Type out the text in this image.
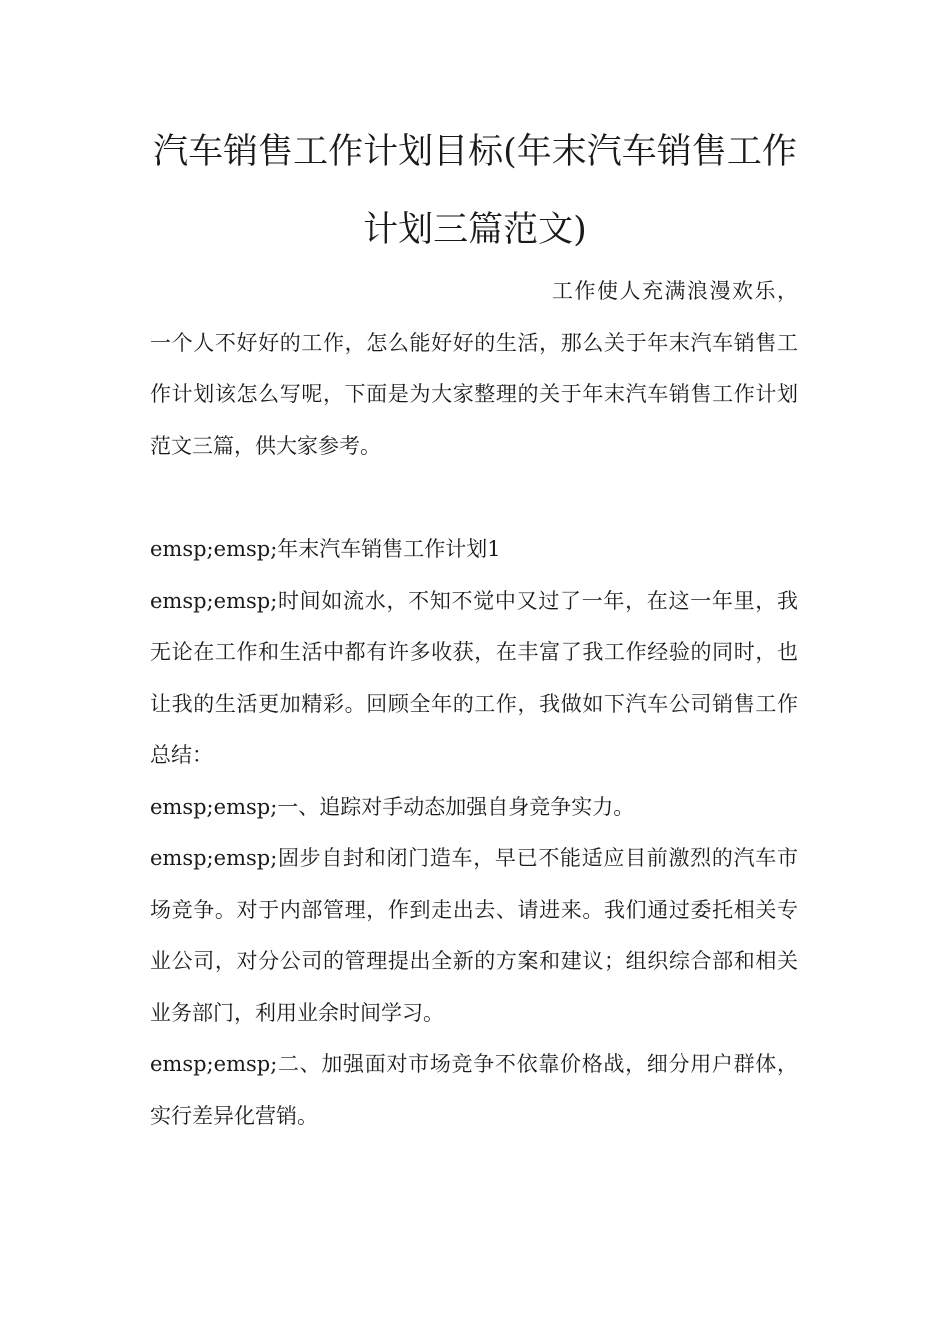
汽车销售工作计划目标(年末汽车销售工作计划三篇范文)

工作使人充满浪漫欢乐，一个人不好好的工作，怎么能好好的生活，那么关于年末汽车销售工作计划该怎么写呢，下面是为大家整理的关于年末汽车销售工作计划范文三篇，供大家参考。

emsp;emsp;年末汽车销售工作计划1

emsp;emsp;时间如流水，不知不觉中又过了一年，在这一年里，我无论在工作和生活中都有许多收获，在丰富了我工作经验的同时，也让我的生活更加精彩。回顾全年的工作，我做如下汽车公司销售工作总结：

emsp;emsp;一、追踪对手动态加强自身竞争实力。

emsp;emsp;固步自封和闭门造车，早已不能适应目前激烈的汽车市场竞争。对于内部管理，作到走出去、请进来。我们通过委托相关专业公司，对分公司的管理提出全新的方案和建议；组织综合部和相关业务部门，利用业余时间学习。

emsp;emsp;二、加强面对市场竞争不依靠价格战，细分用户群体，实行差异化营销。
